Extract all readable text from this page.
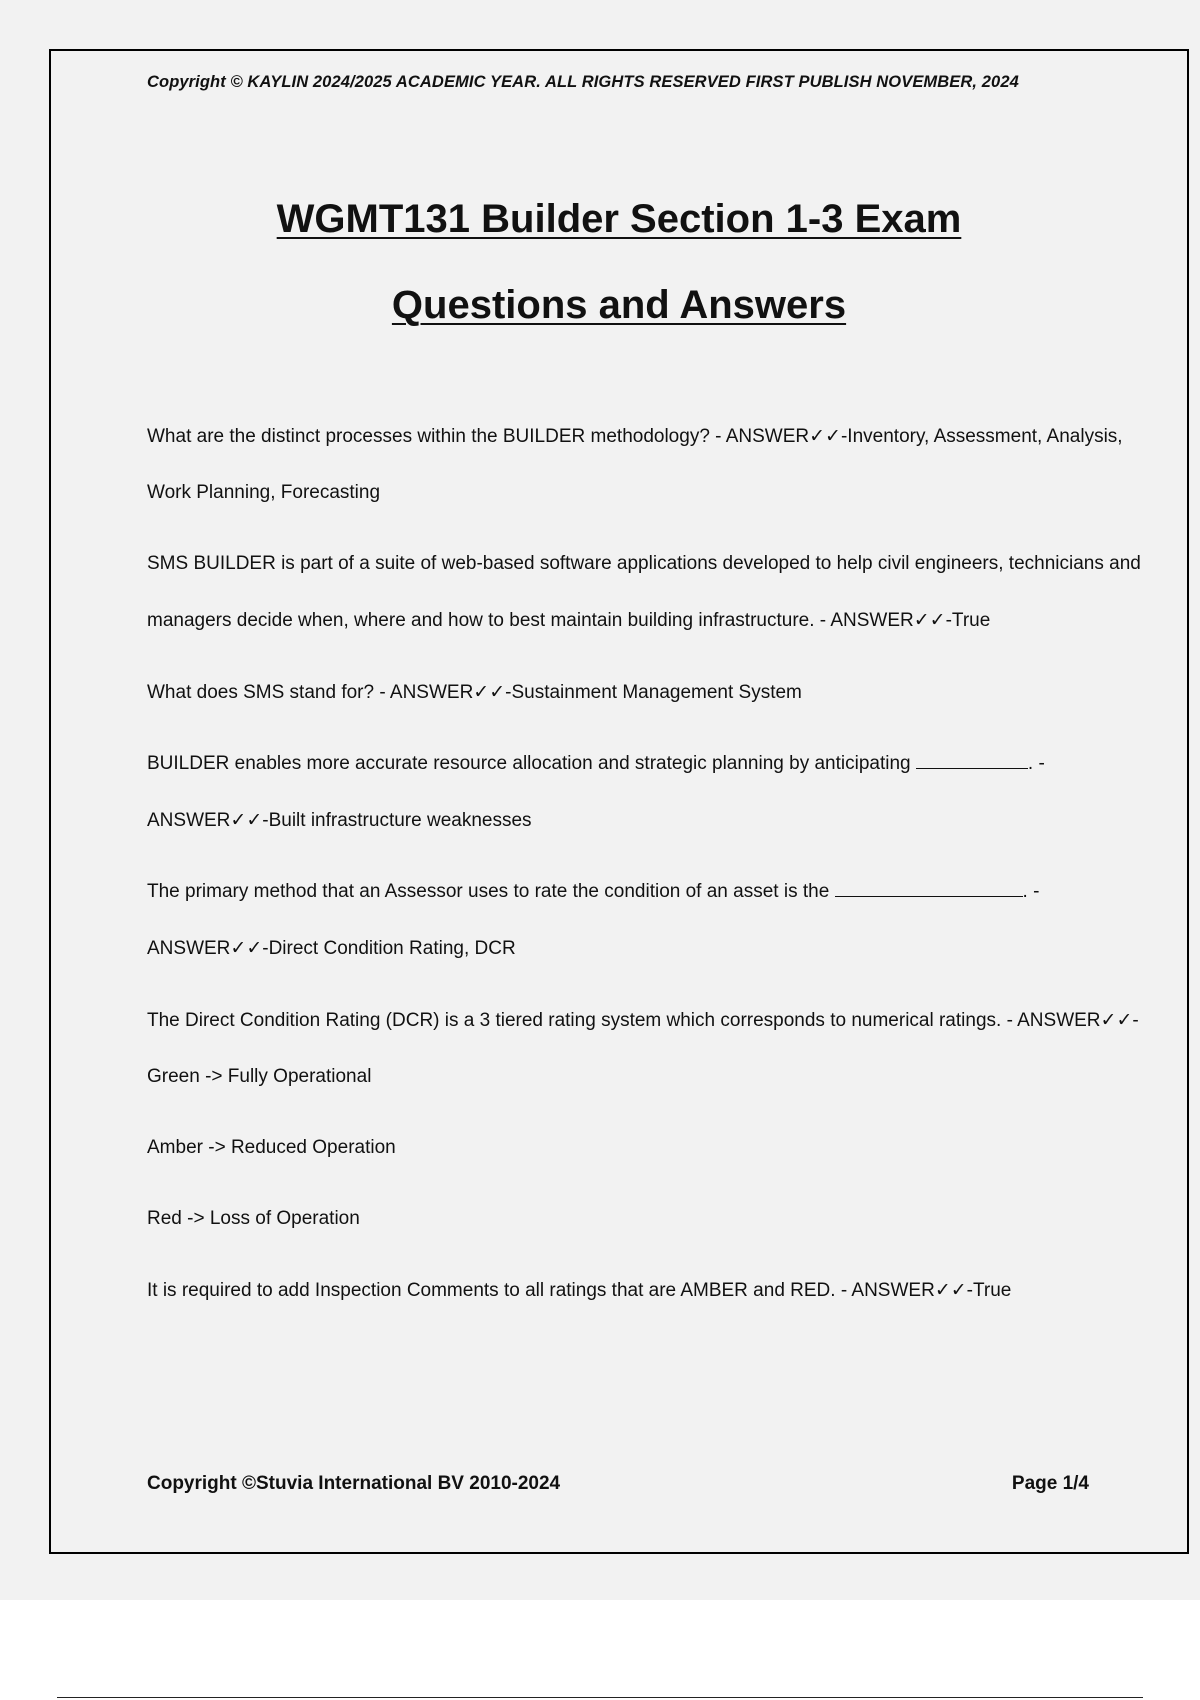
Copyright © KAYLIN 2024/2025 ACADEMIC YEAR. ALL RIGHTS RESERVED FIRST PUBLISH NOVEMBER, 2024
WGMT131 Builder Section 1-3 Exam
Questions and Answers

What are the distinct processes within the BUILDER methodology? - ANSWER✓✓-Inventory, Assessment, Analysis, Work Planning, Forecasting

SMS BUILDER is part of a suite of web-based software applications developed to help civil engineers, technicians and managers decide when, where and how to best maintain building infrastructure. - ANSWER✓✓-True

What does SMS stand for? - ANSWER✓✓-Sustainment Management System

BUILDER enables more accurate resource allocation and strategic planning by anticipating	. - ANSWER✓✓-Built infrastructure weaknesses

The primary method that an Assessor uses to rate the condition of an asset is the	. - ANSWER✓✓-Direct Condition Rating, DCR

The Direct Condition Rating (DCR) is a 3 tiered rating system which corresponds to numerical ratings. - ANSWER✓✓-Green -> Fully Operational

Amber -> Reduced Operation

Red -> Loss of Operation

It is required to add Inspection Comments to all ratings that are AMBER and RED. - ANSWER✓✓-True

Copyright ©Stuvia International BV 2010-2024	Page 1/4
